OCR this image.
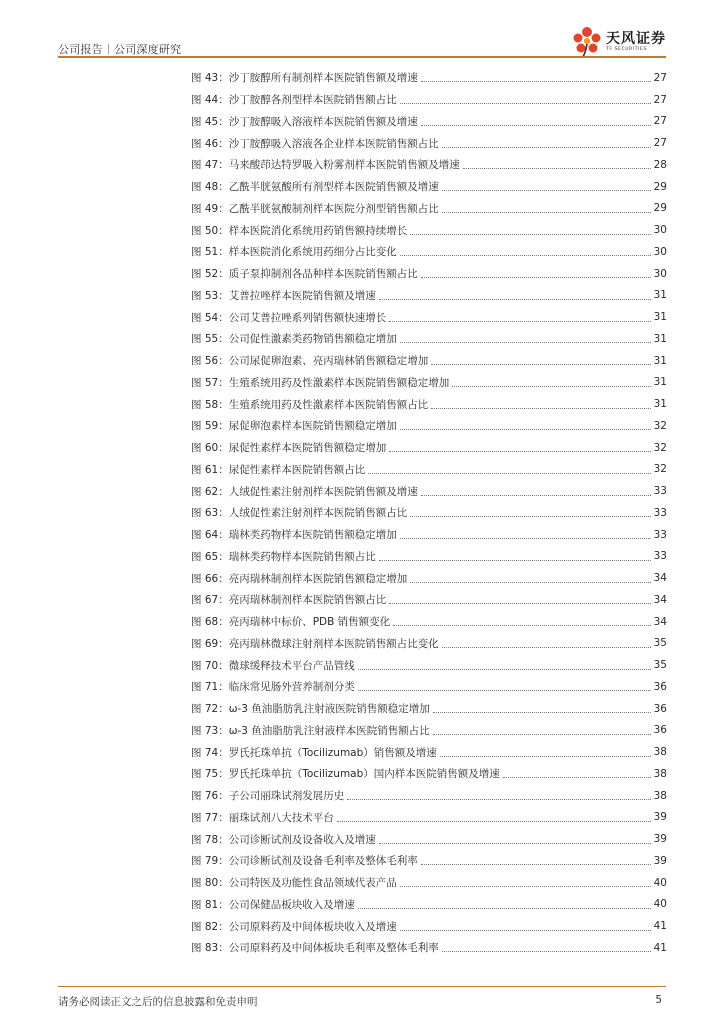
公司报告｜公司深度研究
天风证券
TF SECURITIES
图 43：沙丁胺醇所有制剂样本医院销售额及增速	27
图 44：沙丁胺醇各剂型样本医院销售额占比	27
图 45：沙丁胺醇吸入溶液样本医院销售额及增速	27
图 46：沙丁胺醇吸入溶液各企业样本医院销售额占比	27
图 47：马来酸茚达特罗吸入粉雾剂样本医院销售额及增速	28
图 48：乙酰半胱氨酸所有剂型样本医院销售额及增速	29
图 49：乙酰半胱氨酸制剂样本医院分剂型销售额占比	29
图 50：样本医院消化系统用药销售额持续增长	30
图 51：样本医院消化系统用药细分占比变化	30
图 52：质子泵抑制剂各品种样本医院销售额占比	30
图 53：艾普拉唑样本医院销售额及增速	31
图 54：公司艾普拉唑系列销售额快速增长	31
图 55：公司促性激素类药物销售额稳定增加	31
图 56：公司尿促卵泡素、亮丙瑞林销售额稳定增加	31
图 57：生殖系统用药及性激素样本医院销售额稳定增加	31
图 58：生殖系统用药及性激素样本医院销售额占比	31
图 59：尿促卵泡素样本医院销售额稳定增加	32
图 60：尿促性素样本医院销售额稳定增加	32
图 61：尿促性素样本医院销售额占比	32
图 62：人绒促性素注射剂样本医院销售额及增速	33
图 63：人绒促性素注射剂样本医院销售额占比	33
图 64：瑞林类药物样本医院销售额稳定增加	33
图 65：瑞林类药物样本医院销售额占比	33
图 66：亮丙瑞林制剂样本医院销售额稳定增加	34
图 67：亮丙瑞林制剂样本医院销售额占比	34
图 68：亮丙瑞林中标价、PDB 销售额变化	34
图 69：亮丙瑞林微球注射剂样本医院销售额占比变化	35
图 70：微球缓释技术平台产品管线	35
图 71：临床常见肠外营养制剂分类	36
图 72：ω-3 鱼油脂肪乳注射液医院销售额稳定增加	36
图 73：ω-3 鱼油脂肪乳注射液样本医院销售额占比	36
图 74：罗氏托珠单抗（Tocilizumab）销售额及增速	38
图 75：罗氏托珠单抗（Tocilizumab）国内样本医院销售额及增速	38
图 76：子公司丽珠试剂发展历史	38
图 77：丽珠试剂八大技术平台	39
图 78：公司诊断试剂及设备收入及增速	39
图 79：公司诊断试剂及设备毛利率及整体毛利率	39
图 80：公司特医及功能性食品领域代表产品	40
图 81：公司保健品板块收入及增速	40
图 82：公司原料药及中间体板块收入及增速	41
图 83：公司原料药及中间体板块毛利率及整体毛利率	41
请务必阅读正文之后的信息披露和免责申明	5
